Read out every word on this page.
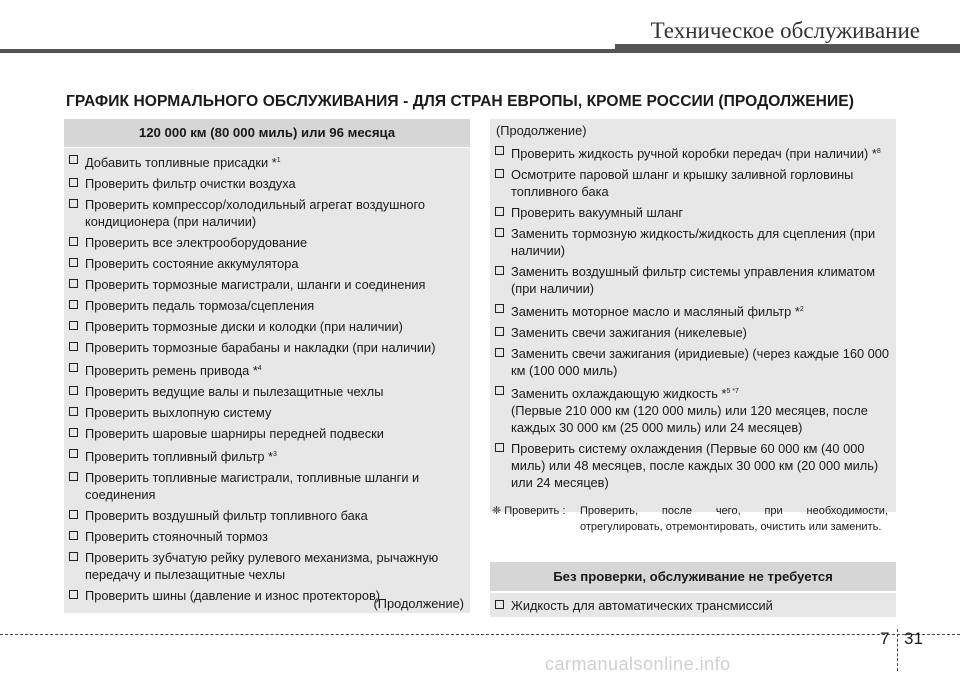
Техническое обслуживание
ГРАФИК НОРМАЛЬНОГО ОБСЛУЖИВАНИЯ - ДЛЯ СТРАН ЕВРОПЫ, КРОМЕ РОССИИ (ПРОДОЛЖЕНИЕ)
120 000 км (80 000 миль) или 96 месяца
Добавить топливные присадки *$^1$
Проверить фильтр очистки воздуха
Проверить компрессор/холодильный агрегат воздушного кондиционера (при наличии)
Проверить все электрооборудование
Проверить состояние аккумулятора
Проверить тормозные магистрали, шланги и соединения
Проверить педаль тормоза/сцепления
Проверить тормозные диски и колодки (при наличии)
Проверить тормозные барабаны и накладки (при наличии)
Проверить ремень привода *$^4$
Проверить ведущие валы и пылезащитные чехлы
Проверить выхлопную систему
Проверить шаровые шарниры передней подвески
Проверить топливный фильтр *$^3$
Проверить топливные магистрали, топливные шланги и соединения
Проверить воздушный фильтр топливного бака
Проверить стояночный тормоз
Проверить зубчатую рейку рулевого механизма, рычажную передачу и пылезащитные чехлы
Проверить шины (давление и износ протекторов)
(Продолжение)
(Продолжение)
Проверить жидкость ручной коробки передач (при наличии) *$^8$
Осмотрите паровой шланг и крышку заливной горловины топливного бака
Проверить вакуумный шланг
Заменить тормозную жидкость/жидкость для сцепления (при наличии)
Заменить воздушный фильтр системы управления климатом (при наличии)
Заменить моторное масло и масляный фильтр *$^2$
Заменить свечи зажигания (никелевые)
Заменить свечи зажигания (иридиевые) (через каждые 160 000 км (100 000 миль)
Заменить охлаждающую жидкость *$^{5 *7}$
(Первые 210 000 км (120 000 миль) или 120 месяцев, после каждых 30 000 км (25 000 миль) или 24 месяцев)
Проверить систему охлаждения (Первые 60 000 км (40 000 миль) или 48 месяцев, после каждых 30 000 км (20 000 миль) или 24 месяцев)
❈ Проверить : Проверить, после чего, при необходимости, отрегулировать, отремонтировать, очистить или заменить.
Без проверки, обслуживание не требуется
Жидкость для автоматических трансмиссий
7 31
carmanualsonline.info
